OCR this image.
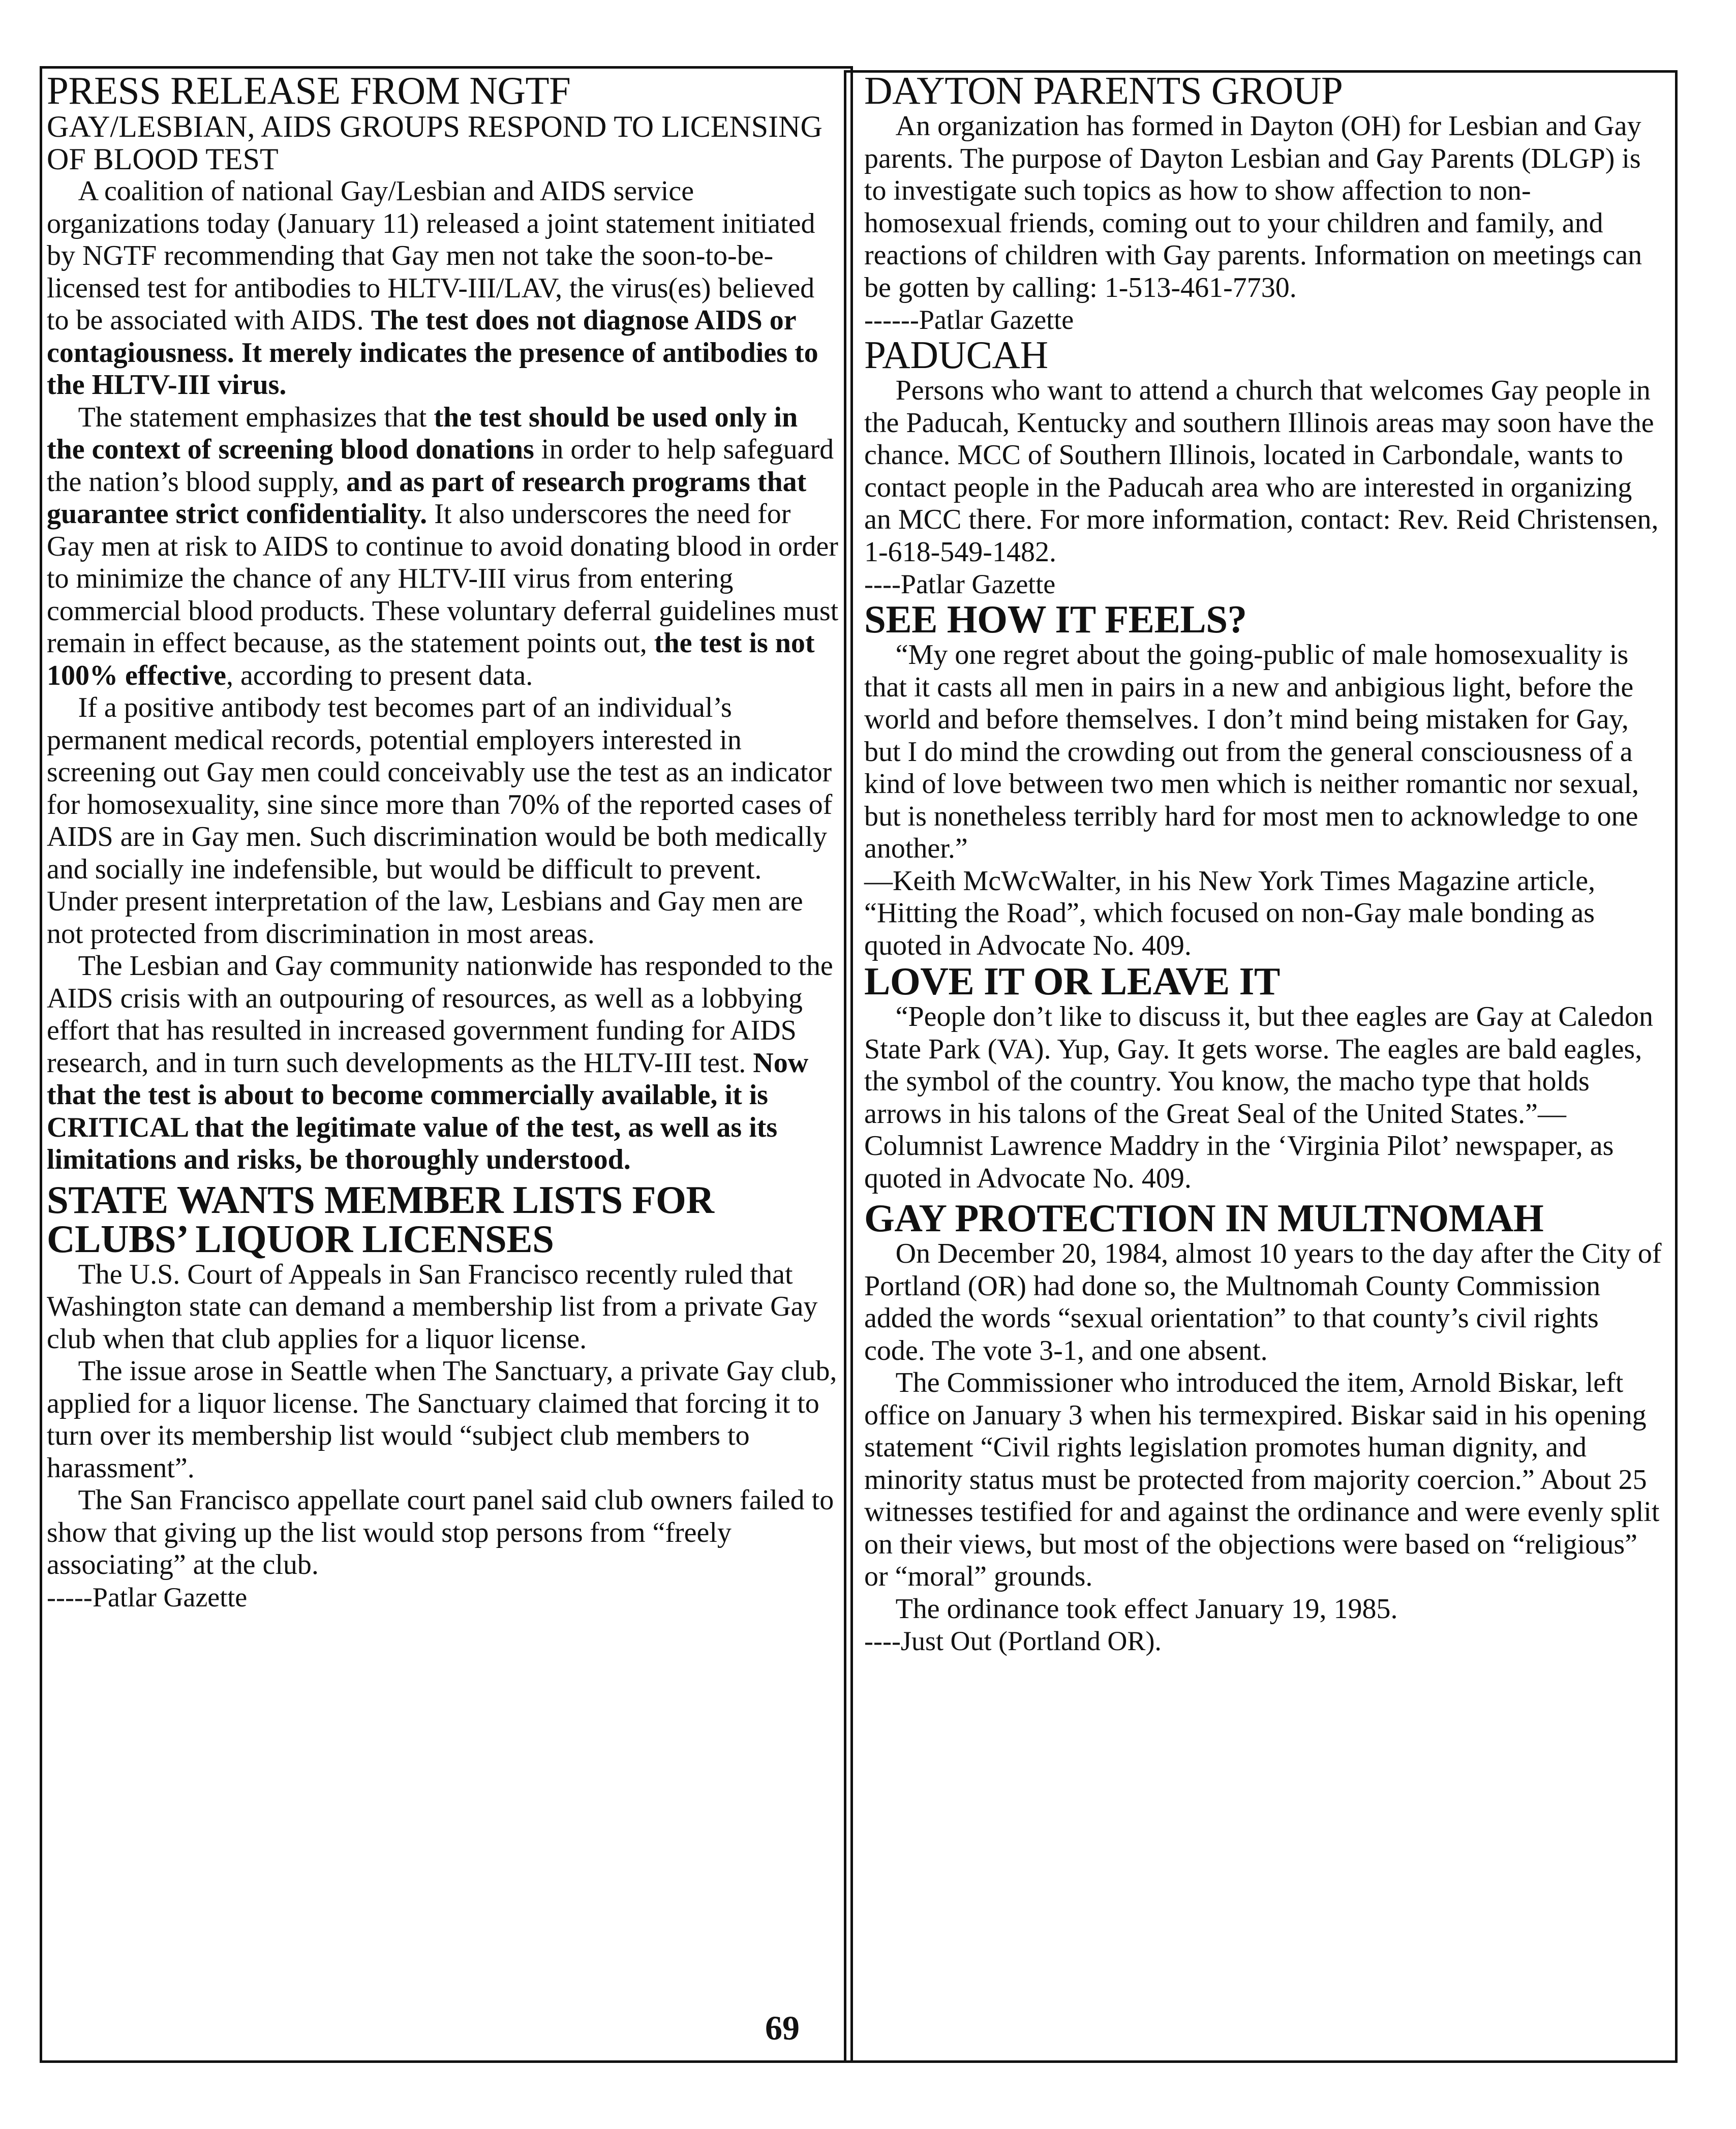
PRESS RELEASE FROM NGTF
GAY/LESBIAN, AIDS GROUPS RESPOND TO LICENSING OF BLOOD TEST

A coalition of national Gay/Lesbian and AIDS service organizations today (January 11) released a joint statement initiated by NGTF recommending that Gay men not take the soon-to-be-licensed test for antibodies to HLTV-III/LAV, the virus(es) believed to be associated with AIDS. The test does not diagnose AIDS or contagiousness. It merely indicates the presence of antibodies to the HLTV-III virus.

The statement emphasizes that the test should be used only in the context of screening blood donations in order to help safeguard the nation’s blood supply, and as part of research programs that guarantee strict confidentiality. It also underscores the need for Gay men at risk to AIDS to continue to avoid donating blood in order to minimize the chance of any HLTV-III virus from entering commercial blood products. These voluntary deferral guidelines must remain in effect because, as the statement points out, the test is not 100% effective, according to present data.

If a positive antibody test becomes part of an individual’s permanent medical records, potential employers interested in screening out Gay men could conceivably use the test as an indicator for homosexuality, sine since more than 70% of the reported cases of AIDS are in Gay men. Such discrimination would be both medically and socially ine indefensible, but would be difficult to prevent. Under present interpretation of the law, Lesbians and Gay men are not protected from discrimination in most areas.

The Lesbian and Gay community nationwide has responded to the AIDS crisis with an outpouring of resources, as well as a lobbying effort that has resulted in increased government funding for AIDS research, and in turn such developments as the HLTV-III test. Now that the test is about to become commercially available, it is CRITICAL that the legitimate value of the test, as well as its limitations and risks, be thoroughly understood.

STATE WANTS MEMBER LISTS FOR CLUBS’ LIQUOR LICENSES

The U.S. Court of Appeals in San Francisco recently ruled that Washington state can demand a membership list from a private Gay club when that club applies for a liquor license.

The issue arose in Seattle when The Sanctuary, a private Gay club, applied for a liquor license. The Sanctuary claimed that forcing it to turn over its membership list would “subject club members to harassment”.

The San Francisco appellate court panel said club owners failed to show that giving up the list would stop persons from “freely associating” at the club.

-----Patlar Gazette
69
DAYTON PARENTS GROUP

An organization has formed in Dayton (OH) for Lesbian and Gay parents. The purpose of Dayton Lesbian and Gay Parents (DLGP) is to investigate such topics as how to show affection to non-homosexual friends, coming out to your children and family, and reactions of children with Gay parents. Information on meetings can be gotten by calling: 1-513-461-7730.

------Patlar Gazette
PADUCAH

Persons who want to attend a church that welcomes Gay people in the Paducah, Kentucky and southern Illinois areas may soon have the chance. MCC of Southern Illinois, located in Carbondale, wants to contact people in the Paducah area who are interested in organizing an MCC there. For more information, contact: Rev. Reid Christensen, 1-618-549-1482.

----Patlar Gazette
SEE HOW IT FEELS?

“My one regret about the going-public of male homosexuality is that it casts all men in pairs in a new and anbigious light, before the world and before themselves. I don’t mind being mistaken for Gay, but I do mind the crowding out from the general consciousness of a kind of love between two men which is neither romantic nor sexual, but is nonetheless terribly hard for most men to acknowledge to one another.”

—Keith McWcWalter, in his New York Times Magazine article, “Hitting the Road”, which focused on non-Gay male bonding as quoted in Advocate No. 409.

LOVE IT OR LEAVE IT

“People don’t like to discuss it, but thee eagles are Gay at Caledon State Park (VA). Yup, Gay. It gets worse. The eagles are bald eagles, the symbol of the country. You know, the macho type that holds arrows in his talons of the Great Seal of the United States.”— Columnist Lawrence Maddry in the ‘Virginia Pilot’ newspaper, as quoted in Advocate No. 409.

GAY PROTECTION IN MULTNOMAH

On December 20, 1984, almost 10 years to the day after the City of Portland (OR) had done so, the Multnomah County Commission added the words “sexual orientation” to that county’s civil rights code. The vote 3-1, and one absent.

The Commissioner who introduced the item, Arnold Biskar, left office on January 3 when his termexpired. Biskar said in his opening statement “Civil rights legislation promotes human dignity, and minority status must be protected from majority coercion.” About 25 witnesses testified for and against the ordinance and were evenly split on their views, but most of the objections were based on “religious” or “moral” grounds.

The ordinance took effect January 19, 1985.

----Just Out (Portland OR).
